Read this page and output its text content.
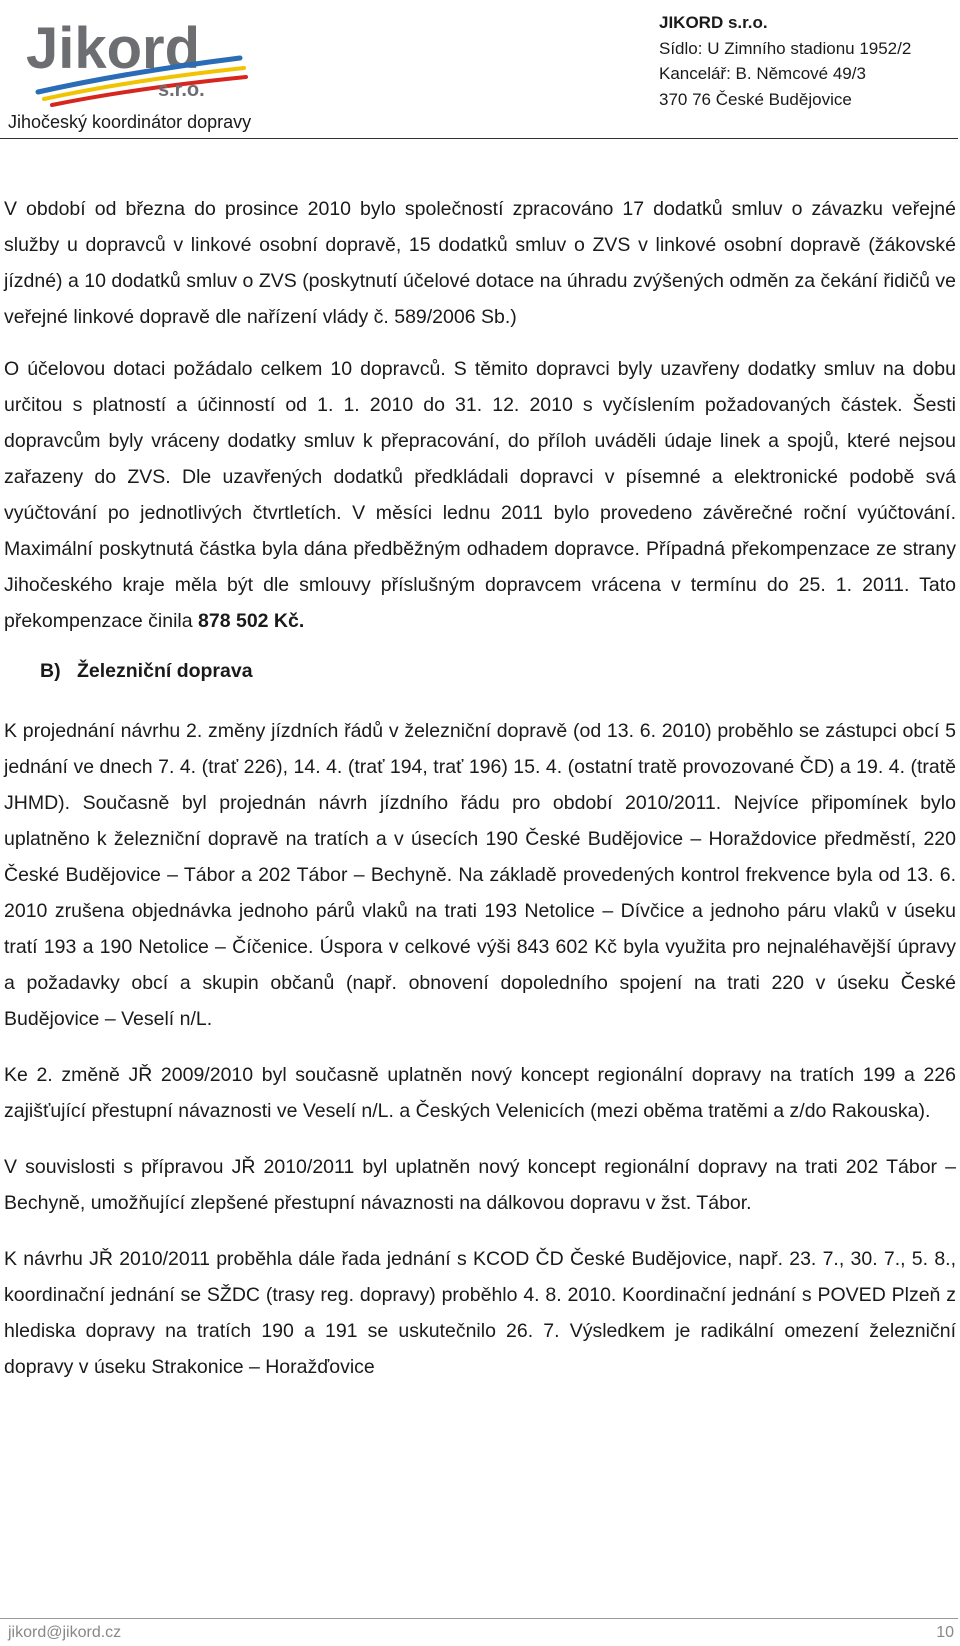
Jikord
s.r.o.
Jihočeský koordinátor dopravy
JIKORD s.r.o.
Sídlo: U Zimního stadionu 1952/2
Kancelář: B. Němcové 49/3
370 76 České Budějovice

V období od března do prosince 2010 bylo společností zpracováno 17 dodatků smluv o závazku veřejné služby u dopravců v linkové osobní dopravě, 15 dodatků smluv o ZVS v linkové osobní dopravě (žákovské jízdné) a 10 dodatků smluv o ZVS (poskytnutí účelové dotace na úhradu zvýšených odměn za čekání řidičů ve veřejné linkové dopravě dle nařízení vlády č. 589/2006 Sb.)

O účelovou dotaci požádalo celkem 10 dopravců. S těmito dopravci byly uzavřeny dodatky smluv na dobu určitou s platností a účinností od 1. 1. 2010 do 31. 12. 2010 s vyčíslením požadovaných částek. Šesti dopravcům byly vráceny dodatky smluv k přepracování, do příloh uváděli údaje linek a spojů, které nejsou zařazeny do ZVS. Dle uzavřených dodatků předkládali dopravci v písemné a elektronické podobě svá vyúčtování po jednotlivých čtvrtletích. V měsíci lednu 2011 bylo provedeno závěrečné roční vyúčtování. Maximální poskytnutá částka byla dána předběžným odhadem dopravce. Případná překompenzace ze strany Jihočeského kraje měla být dle smlouvy příslušným dopravcem vrácena v termínu do 25. 1. 2011. Tato překompenzace činila 878 502 Kč.

B) Železniční doprava

K projednání návrhu 2. změny jízdních řádů v železniční dopravě (od 13. 6. 2010) proběhlo se zástupci obcí 5 jednání ve dnech 7. 4. (trať 226), 14. 4. (trať 194, trať 196) 15. 4. (ostatní tratě provozované ČD) a 19. 4. (tratě JHMD). Současně byl projednán návrh jízdního řádu pro období 2010/2011. Nejvíce připomínek bylo uplatněno k železniční dopravě na tratích a v úsecích 190 České Budějovice – Horaždovice předměstí, 220 České Budějovice – Tábor a 202 Tábor – Bechyně. Na základě provedených kontrol frekvence byla od 13. 6. 2010 zrušena objednávka jednoho párů vlaků na trati 193 Netolice – Dívčice a jednoho páru vlaků v úseku tratí 193 a 190 Netolice – Číčenice. Úspora v celkové výši 843 602 Kč byla využita pro nejnaléhavější úpravy a požadavky obcí a skupin občanů (např. obnovení dopoledního spojení na trati 220 v úseku České Budějovice – Veselí n/L.

Ke 2. změně JŘ 2009/2010 byl současně uplatněn nový koncept regionální dopravy na tratích 199 a 226 zajišťující přestupní návaznosti ve Veselí n/L. a Českých Velenicích (mezi oběma tratěmi a z/do Rakouska).

V souvislosti s přípravou JŘ 2010/2011 byl uplatněn nový koncept regionální dopravy na trati 202 Tábor – Bechyně, umožňující zlepšené přestupní návaznosti na dálkovou dopravu v žst. Tábor.

K návrhu JŘ 2010/2011 proběhla dále řada jednání s KCOD ČD České Budějovice, např. 23. 7., 30. 7., 5. 8., koordinační jednání se SŽDC (trasy reg. dopravy) proběhlo 4. 8. 2010. Koordinační jednání s POVED Plzeň z hlediska dopravy na tratích 190 a 191 se uskutečnilo 26. 7. Výsledkem je radikální omezení železniční dopravy v úseku Strakonice – Horažďovice

jikord@jikord.cz	10
